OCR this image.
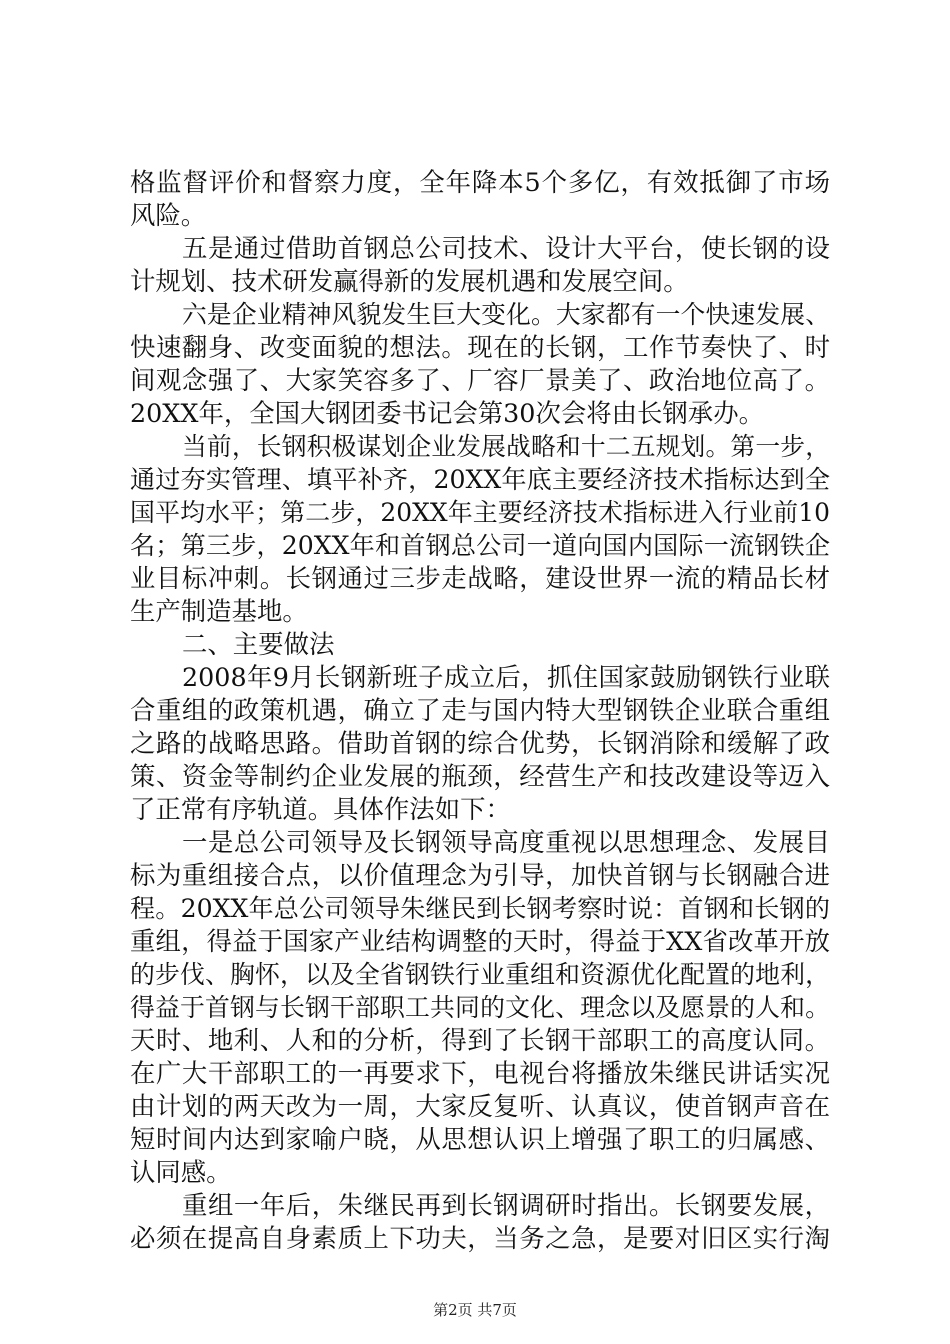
格监督评价和督察力度，全年降本5个多亿，有效抵御了市场
风险。
五是通过借助首钢总公司技术、设计大平台，使长钢的设
计规划、技术研发赢得新的发展机遇和发展空间。
六是企业精神风貌发生巨大变化。大家都有一个快速发展、
快速翻身、改变面貌的想法。现在的长钢，工作节奏快了、时
间观念强了、大家笑容多了、厂容厂景美了、政治地位高了。
20XX年，全国大钢团委书记会第30次会将由长钢承办。
当前，长钢积极谋划企业发展战略和十二五规划。第一步，
通过夯实管理、填平补齐，20XX年底主要经济技术指标达到全
国平均水平；第二步，20XX年主要经济技术指标进入行业前10
名；第三步，20XX年和首钢总公司一道向国内国际一流钢铁企
业目标冲刺。长钢通过三步走战略，建设世界一流的精品长材
生产制造基地。
二、主要做法
2008年9月长钢新班子成立后，抓住国家鼓励钢铁行业联
合重组的政策机遇，确立了走与国内特大型钢铁企业联合重组
之路的战略思路。借助首钢的综合优势，长钢消除和缓解了政
策、资金等制约企业发展的瓶颈，经营生产和技改建设等迈入
了正常有序轨道。具体作法如下：
一是总公司领导及长钢领导高度重视以思想理念、发展目
标为重组接合点，以价值理念为引导，加快首钢与长钢融合进
程。20XX年总公司领导朱继民到长钢考察时说：首钢和长钢的
重组，得益于国家产业结构调整的天时，得益于XX省改革开放
的步伐、胸怀，以及全省钢铁行业重组和资源优化配置的地利，
得益于首钢与长钢干部职工共同的文化、理念以及愿景的人和。
天时、地利、人和的分析，得到了长钢干部职工的高度认同。
在广大干部职工的一再要求下，电视台将播放朱继民讲话实况
由计划的两天改为一周，大家反复听、认真议，使首钢声音在
短时间内达到家喻户晓，从思想认识上增强了职工的归属感、
认同感。
重组一年后，朱继民再到长钢调研时指出。长钢要发展，
必须在提高自身素质上下功夫，当务之急，是要对旧区实行淘
第2页 共7页
